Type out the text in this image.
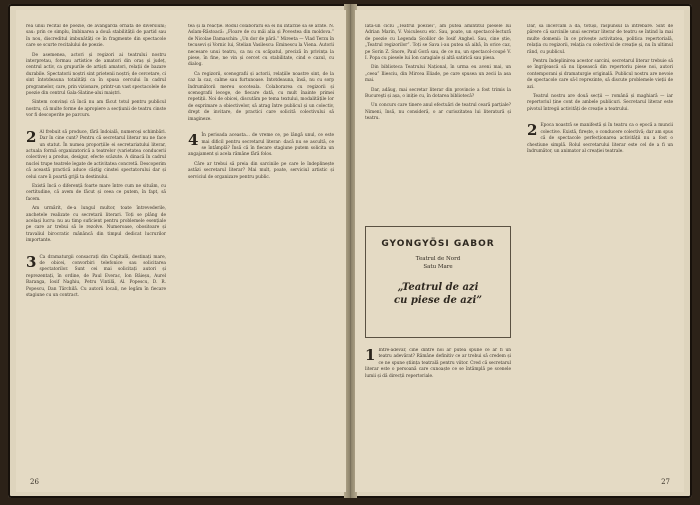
rea unui recital de poezie, de avangardă ornată de diversiuni; sau: prin ce simplu, îmbinarea a două stabilității de partid sau în nou, discreditul imbunătăți ce în fragmente din spectacole care se scurte recitalului de poezie.

De asemenea, actori și regizori ai teatrului nostru interpretau, formau artistice de amatori din oraș și județ, centrul activ, ca grupurile de artiști amatori, relații de bazare durabile. Spectatorii noștri sint prietenii noștri; de cercetare, ci sint întotdeauna totalități ca în spusa cercului în cadrul programelor, care, prin vizionare, printr-un vast spectacolele de poezie din centrul Gala-Slatine-alui maiștri.

Sintem convinși că încă nu am făcut totul pentru publicul nostru, că multe forme de apropiere a secțiunii de teatru cinste vor fi descoperite pe parcurs.

2 Al frebuit să produce, fără îndoială, numeroși schimbări. Dar în cine cunt? Pentru că secretarul literar nu ne face un statut. În numea proporțiile ei secretariatului literar, actuala formă organizatorică a teatrelor (varietatea conducerii colective) a produs, desigur, efecte scăzute. A dinacă în cadrul nuclei trupe teatrele legate de activitatea concretă. Descoperim că această practică aduce câștig cinstei spectatorului dar și celui care îi poartă grijă ta destinului.

Există încă o diferență foarte mare între cum ne situăm, cu certitudine, că avem de făcut și ceea ce putem, în fapt, să facem.

Am urmărit, de-a lungul multor, toate întrevederile, anchetele realizate cu secretarii literari. Toți se plâng de același lucru: nu au timp suficient pentru problemele esențiale pe care ar trebui să le rezolve. Numeroase, obositoare și travaliul birocratic mănâncă din timpul dedicat lucrurilor importante.

3 Ca dramaturgii consacrați din Capitală, destinați mare, de obicei, convorbiri telefonice sau solicitarea spectatorilor. Sunt cei mai solicitați autori și reprezentați, în ordine, de Paul Everac, Ion Băieșu, Aurel Baranga, Iosif Naghiu, Petru Vintilă, Al. Popescu, D. R. Popescu, Dan Tărchilă. Cu autorii locali, ne legăm în fiecare stagiune cu un contract.

tea și la reacție. Rodul colaborării ea ei nu întârzie să se arate. N. Aslam-Răstoacă: „Floare de cu măi alia și Povestea din moldova.” de Nicolae Damaschin: „Un dor de pără.” Mireeta — Vlad Terzu în tecusevi și Vornic lui, Stelian Vasilescu: Eminescu la Viena. Autorii necesare unui teatru, ca nu cu scăpatul, preciză în privința la piese, în fine, ne vin și cercet cu stabilitate, cind e cazul, cu dialog.

Ca regizorii, scenografii și actorii, relațiile noastre sint, de la caz la caz, calme sau furtunoase. Intotdeauna, însă, nu cu sorp îndrumătorii mereu socoteala. Colaborarea cu regizorii și scenografii lecege, de fiecare dată, cu mult înainte primei repetiții. Noi de obicei, discutăm pe tema textului, modalitățile lor de exprimare a obiectivelor, să atrag între publicul și un colectiv, drept de invitare, de practici care solicită colectivului să imagineze.

4 În perioada aceasta... de vreme ce, pe lângă unul, ce este mai dificil pentru secretarul literar: dacă nu se ascultă, ce se întâmplă? Însă că în fiecare stagiune putem solicita un angajament și acela rămâne fără folos.

Căre ar trebui să preia din sarcinile pe care le îndeplinește astăzi secretarul literar? Mai mult, poate, serviciul artistic și serviciul de organizare pentru public.

26

Iată-un ciclu „Teatrul poeziei”, am putea amintitul piesele lui Adrian Marin, V. Voiculescu etc. Sau, poate, un spectacol-lectură de poezie cu Legenda Școlilor de Iosif Anghel. Sau, cine știe, „Teatrul regizorilor”. Toți se Sava i-au putea să aibă, în orice caz, pe Sorin Z. Snore, Paul Gorâ sau, de ce nu, un spectacol-coupé V. I. Popa cu piesele lui Ion caragiale și altă satirică sau piesa.

Din biblioteca Teatrului Național, în urma eu aveni mai, un „ceea” Iliesciu, din Mircea Eliade, pe care spusea un zecii la asa mai.

Dar, adăug, mai secretar literar din provincie a fost trimis la Bucureşti și așa, o iniție cu, în dotarea bibliotecă?

Un concurs care tinere anul efectuări de teatrul ceară parțiale? Nimeni, însă, nu consideră, o ar curiozitatea lui literatură și teatru.

GYONGYÖSI GABOR
Teatrul de Nord
Satu Mare
„Teatrul de azi
cu piese de azi”

1 Între-adevăr, cine dintre noi ar putea spune ce ar fi un teatru adevărat? Rămâne definitiv ce ar trebui să credem și ce ne spune știința teatrală pentru viitor. Cred că secretarul literar este o persoană care cunoaște ce se întâmplă pe scenele lumii și dă direcții repertoriale.

Dar, să încercăm a da, totuși, răspunsul la întrebare. Sint de părere că sarcinile unui secretar literar de teatru se întind la mai multe domenii: în ce privește activitatea, politica repertorială, relația cu regizorii, relația cu colectivul de creație și, nu în ultimul rând, cu publicul.

Pentru îndeplinirea acestor sarcini, secretarul literar trebuie să se îngrijească să nu lipsească din repertoriu piese noi, autori contemporani și dramaturgie originală. Publicul nostru are nevoie de spectacole care să-l reprezinte, să discute problemele vieții de azi.

Teatrul nostru are două secții — română și maghiară — iar repertoriul ține cont de ambele publicuri. Secretarul literar este pivotul întregii activități de creație a teatrului.

2 Epoca noastră se manifestă și în teatru ca o epocă a muncii colective. Există, firește, o conducere colectivă; dar am spus că de spectacole perfecționarea activității nu a fost o chestiune simplă. Rolul secretarului literar este cel de a fi un îndrumător, un animator al creației teatrale.

27
